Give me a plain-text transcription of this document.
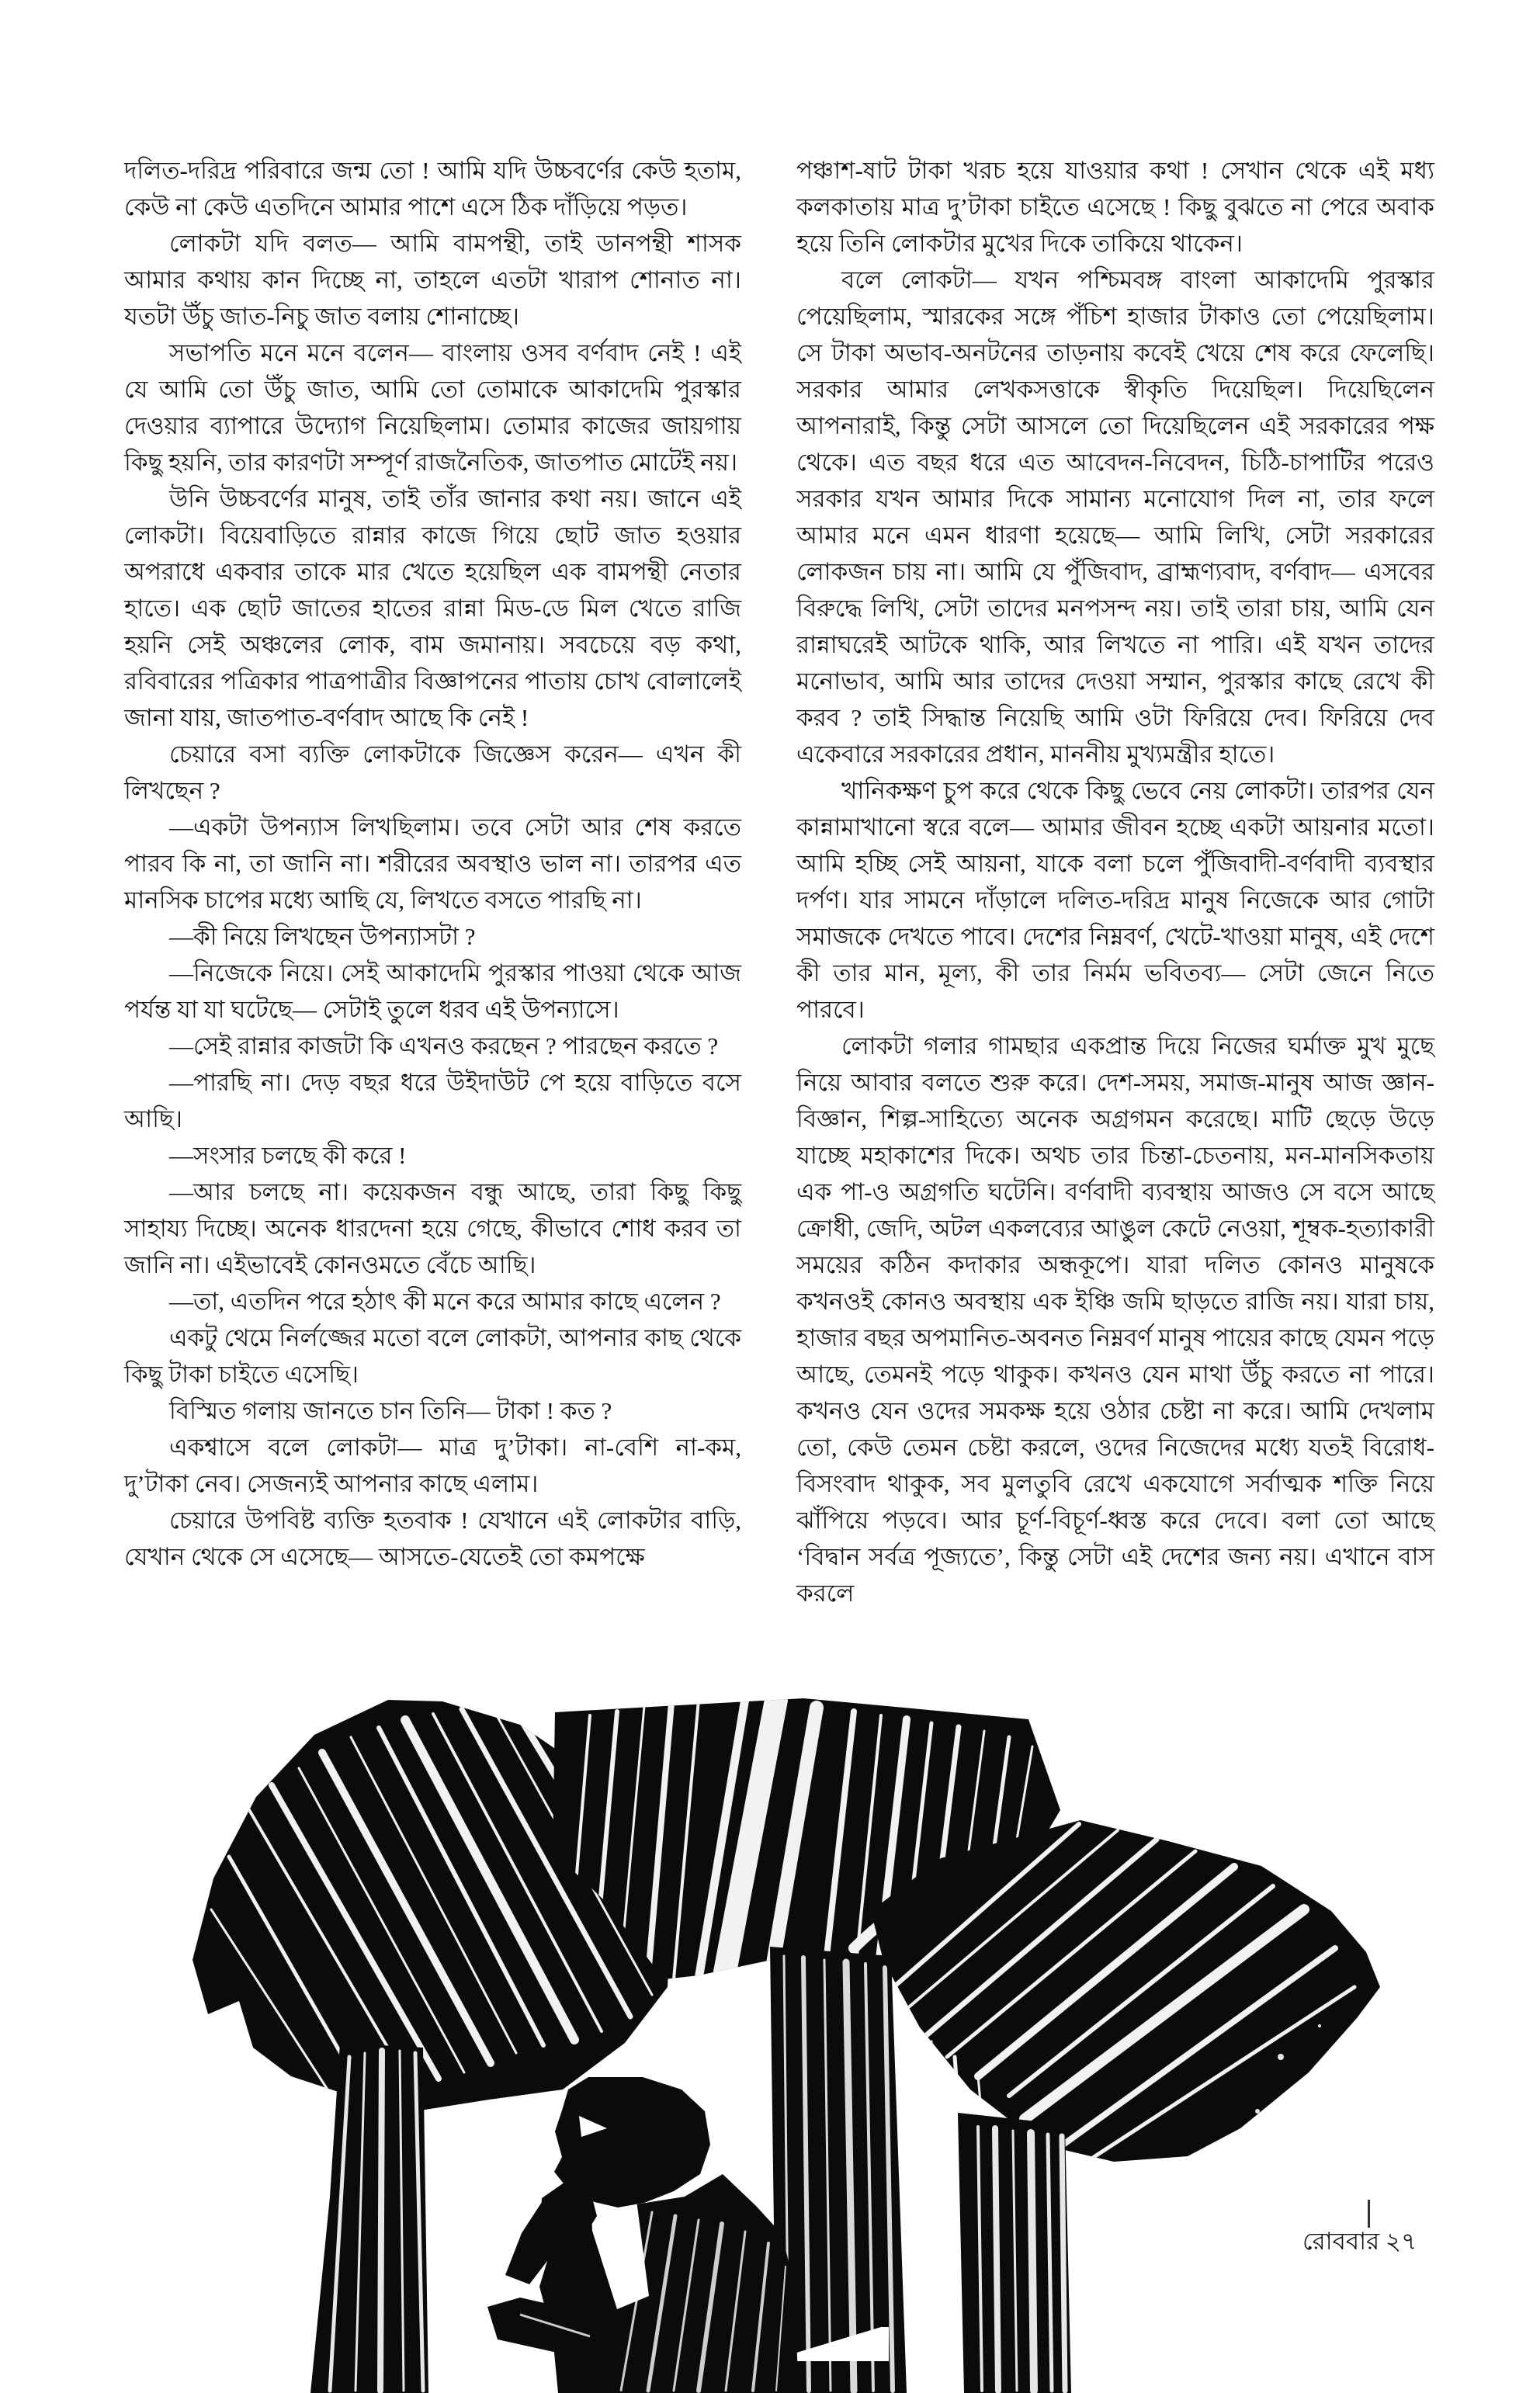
দলিত-দরিদ্র পরিবারে জন্ম তো ! আমি যদি উচ্চবর্ণের কেউ হতাম, কেউ না কেউ এতদিনে আমার পাশে এসে ঠিক দাঁড়িয়ে পড়ত।

লোকটা যদি বলত— আমি বামপন্থী, তাই ডানপন্থী শাসক আমার কথায় কান দিচ্ছে না, তাহলে এতটা খারাপ শোনাত না। যতটা উঁচু জাত-নিচু জাত বলায় শোনাচ্ছে।

সভাপতি মনে মনে বলেন— বাংলায় ওসব বর্ণবাদ নেই ! এই যে আমি তো উঁচু জাত, আমি তো তোমাকে আকাদেমি পুরস্কার দেওয়ার ব্যাপারে উদ্যোগ নিয়েছিলাম। তোমার কাজের জায়গায় কিছু হয়নি, তার কারণটা সম্পূর্ণ রাজনৈতিক, জাতপাত মোটেই নয়।

উনি উচ্চবর্ণের মানুষ, তাই তাঁর জানার কথা নয়। জানে এই লোকটা। বিয়েবাড়িতে রান্নার কাজে গিয়ে ছোট জাত হওয়ার অপরাধে একবার তাকে মার খেতে হয়েছিল এক বামপন্থী নেতার হাতে। এক ছোট জাতের হাতের রান্না মিড-ডে মিল খেতে রাজি হয়নি সেই অঞ্চলের লোক, বাম জমানায়। সবচেয়ে বড় কথা, রবিবারের পত্রিকার পাত্রপাত্রীর বিজ্ঞাপনের পাতায় চোখ বোলালেই জানা যায়, জাতপাত-বর্ণবাদ আছে কি নেই !

চেয়ারে বসা ব্যক্তি লোকটাকে জিজ্ঞেস করেন— এখন কী লিখছেন ?

—একটা উপন্যাস লিখছিলাম। তবে সেটা আর শেষ করতে পারব কি না, তা জানি না। শরীরের অবস্থাও ভাল না। তারপর এত মানসিক চাপের মধ্যে আছি যে, লিখতে বসতে পারছি না।

—কী নিয়ে লিখছেন উপন্যাসটা ?

—নিজেকে নিয়ে। সেই আকাদেমি পুরস্কার পাওয়া থেকে আজ পর্যন্ত যা যা ঘটেছে— সেটাই তুলে ধরব এই উপন্যাসে।

—সেই রান্নার কাজটা কি এখনও করছেন ? পারছেন করতে ?

—পারছি না। দেড় বছর ধরে উইদাউট পে হয়ে বাড়িতে বসে আছি।

—সংসার চলছে কী করে !

—আর চলছে না। কয়েকজন বন্ধু আছে, তারা কিছু কিছু সাহায্য দিচ্ছে। অনেক ধারদেনা হয়ে গেছে, কীভাবে শোধ করব তা জানি না। এইভাবেই কোনওমতে বেঁচে আছি।

—তা, এতদিন পরে হঠাৎ কী মনে করে আমার কাছে এলেন ?

একটু থেমে নির্লজ্জের মতো বলে লোকটা, আপনার কাছ থেকে কিছু টাকা চাইতে এসেছি।

বিস্মিত গলায় জানতে চান তিনি— টাকা ! কত ?

একশ্বাসে বলে লোকটা— মাত্র দু’টাকা। না-বেশি না-কম, দু’টাকা নেব। সেজন্যই আপনার কাছে এলাম।

চেয়ারে উপবিষ্ট ব্যক্তি হতবাক ! যেখানে এই লোকটার বাড়ি, যেখান থেকে সে এসেছে— আসতে-যেতেই তো কমপক্ষে

পঞ্চাশ-ষাট টাকা খরচ হয়ে যাওয়ার কথা ! সেখান থেকে এই মধ্য কলকাতায় মাত্র দু’টাকা চাইতে এসেছে ! কিছু বুঝতে না পেরে অবাক হয়ে তিনি লোকটার মুখের দিকে তাকিয়ে থাকেন।

বলে লোকটা— যখন পশ্চিমবঙ্গ বাংলা আকাদেমি পুরস্কার পেয়েছিলাম, স্মারকের সঙ্গে পঁচিশ হাজার টাকাও তো পেয়েছিলাম। সে টাকা অভাব-অনটনের তাড়নায় কবেই খেয়ে শেষ করে ফেলেছি। সরকার আমার লেখকসত্তাকে স্বীকৃতি দিয়েছিল। দিয়েছিলেন আপনারাই, কিন্তু সেটা আসলে তো দিয়েছিলেন এই সরকারের পক্ষ থেকে। এত বছর ধরে এত আবেদন-নিবেদন, চিঠি-চাপাটির পরেও সরকার যখন আমার দিকে সামান্য মনোযোগ দিল না, তার ফলে আমার মনে এমন ধারণা হয়েছে— আমি লিখি, সেটা সরকারের লোকজন চায় না। আমি যে পুঁজিবাদ, ব্রাহ্মণ্যবাদ, বর্ণবাদ— এসবের বিরুদ্ধে লিখি, সেটা তাদের মনপসন্দ নয়। তাই তারা চায়, আমি যেন রান্নাঘরেই আটকে থাকি, আর লিখতে না পারি। এই যখন তাদের মনোভাব, আমি আর তাদের দেওয়া সম্মান, পুরস্কার কাছে রেখে কী করব ? তাই সিদ্ধান্ত নিয়েছি আমি ওটা ফিরিয়ে দেব। ফিরিয়ে দেব একেবারে সরকারের প্রধান, মাননীয় মুখ্যমন্ত্রীর হাতে।

খানিকক্ষণ চুপ করে থেকে কিছু ভেবে নেয় লোকটা। তারপর যেন কান্নামাখানো স্বরে বলে— আমার জীবন হচ্ছে একটা আয়নার মতো। আমি হচ্ছি সেই আয়না, যাকে বলা চলে পুঁজিবাদী-বর্ণবাদী ব্যবস্থার দর্পণ। যার সামনে দাঁড়ালে দলিত-দরিদ্র মানুষ নিজেকে আর গোটা সমাজকে দেখতে পাবে। দেশের নিম্নবর্ণ, খেটে-খাওয়া মানুষ, এই দেশে কী তার মান, মূল্য, কী তার নির্মম ভবিতব্য— সেটা জেনে নিতে পারবে।

লোকটা গলার গামছার একপ্রান্ত দিয়ে নিজের ঘর্মাক্ত মুখ মুছে নিয়ে আবার বলতে শুরু করে। দেশ-সময়, সমাজ-মানুষ আজ জ্ঞান-বিজ্ঞান, শিল্প-সাহিত্যে অনেক অগ্রগমন করেছে। মাটি ছেড়ে উড়ে যাচ্ছে মহাকাশের দিকে। অথচ তার চিন্তা-চেতনায়, মন-মানসিকতায় এক পা-ও অগ্রগতি ঘটেনি। বর্ণবাদী ব্যবস্থায় আজও সে বসে আছে ক্রোধী, জেদি, অটল একলব্যের আঙুল কেটে নেওয়া, শূম্বক-হত্যাকারী সময়ের কঠিন কদাকার অন্ধকূপে। যারা দলিত কোনও মানুষকে কখনওই কোনও অবস্থায় এক ইঞ্চি জমি ছাড়তে রাজি নয়। যারা চায়, হাজার বছর অপমানিত-অবনত নিম্নবর্ণ মানুষ পায়ের কাছে যেমন পড়ে আছে, তেমনই পড়ে থাকুক। কখনও যেন মাথা উঁচু করতে না পারে। কখনও যেন ওদের সমকক্ষ হয়ে ওঠার চেষ্টা না করে। আমি দেখলাম তো, কেউ তেমন চেষ্টা করলে, ওদের নিজেদের মধ্যে যতই বিরোধ-বিসংবাদ থাকুক, সব মুলতুবি রেখে একযোগে সর্বাত্মক শক্তি নিয়ে ঝাঁপিয়ে পড়বে। আর চূর্ণ-বিচূর্ণ-ধ্বস্ত করে দেবে। বলা তো আছে ‘বিদ্বান সর্বত্র পূজ্যতে’, কিন্তু সেটা এই দেশের জন্য নয়। এখানে বাস করলে

রোববার ২৭
